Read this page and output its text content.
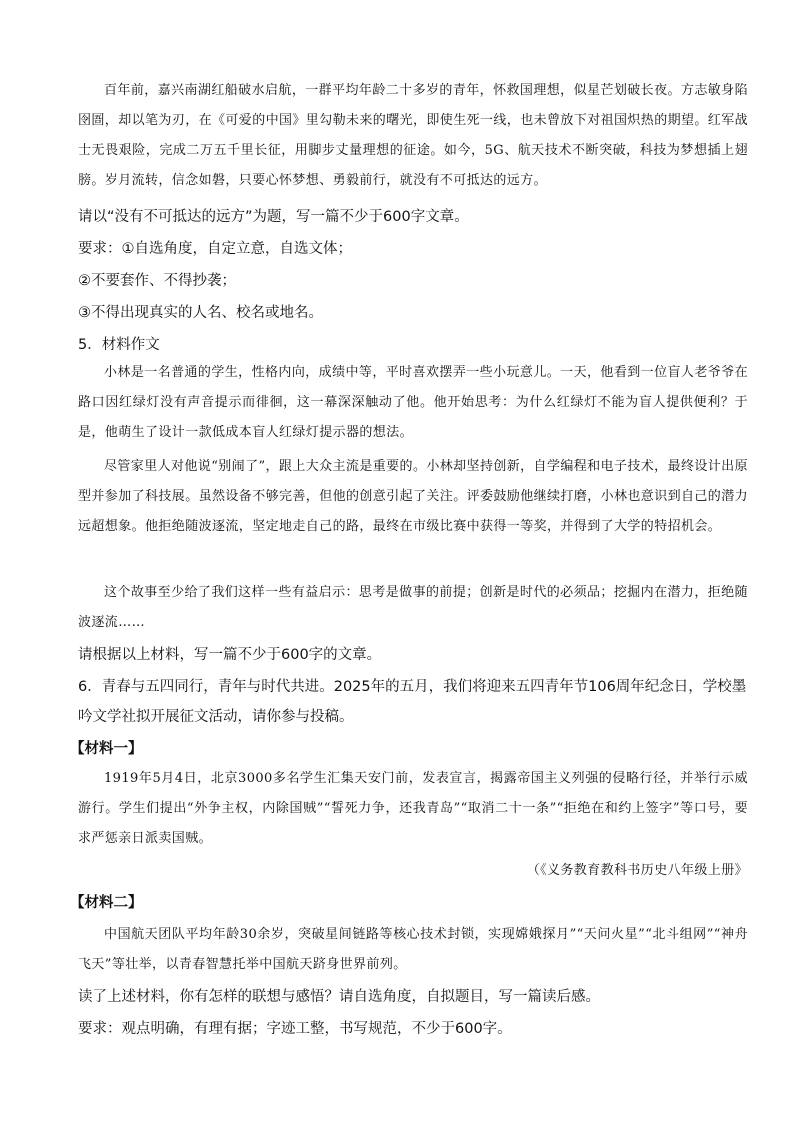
百年前，嘉兴南湖红船破水启航，一群平均年龄二十多岁的青年，怀救国理想，似星芒划破长夜。方志敏身陷囹圄，却以笔为刃，在《可爱的中国》里勾勒未来的曙光，即使生死一线，也未曾放下对祖国炽热的期望。红军战士无畏艰险，完成二万五千里长征，用脚步丈量理想的征途。如今，5G、航天技术不断突破，科技为梦想插上翅膀。岁月流转，信念如磐，只要心怀梦想、勇毅前行，就没有不可抵达的远方。

请以“没有不可抵达的远方”为题，写一篇不少于600字文章。

要求：①自选角度，自定立意，自选文体；

②不要套作、不得抄袭；

③不得出现真实的人名、校名或地名。

5．材料作文

小林是一名普通的学生，性格内向，成绩中等，平时喜欢摆弄一些小玩意儿。一天，他看到一位盲人老爷爷在路口因红绿灯没有声音提示而徘徊，这一幕深深触动了他。他开始思考：为什么红绿灯不能为盲人提供便利？于是，他萌生了设计一款低成本盲人红绿灯提示器的想法。

尽管家里人对他说“别闹了”，跟上大众主流是重要的。小林却坚持创新，自学编程和电子技术，最终设计出原型并参加了科技展。虽然设备不够完善，但他的创意引起了关注。评委鼓励他继续打磨，小林也意识到自己的潜力远超想象。他拒绝随波逐流，坚定地走自己的路，最终在市级比赛中获得一等奖，并得到了大学的特招机会。

这个故事至少给了我们这样一些有益启示：思考是做事的前提；创新是时代的必须品；挖掘内在潜力，拒绝随波逐流……

请根据以上材料，写一篇不少于600字的文章。

6．青春与五四同行，青年与时代共进。2025年的五月，我们将迎来五四青年节106周年纪念日，学校墨吟文学社拟开展征文活动，请你参与投稿。

【材料一】

1919年5月4日，北京3000多名学生汇集天安门前，发表宣言，揭露帝国主义列强的侵略行径，并举行示威游行。学生们提出“外争主权，内除国贼”“誓死力争，还我青岛”“取消二十一条”“拒绝在和约上签字”等口号，要求严惩亲日派卖国贼。

（《义务教育教科书历史八年级上册》

【材料二】

中国航天团队平均年龄30余岁，突破星间链路等核心技术封锁，实现嫦娥探月”“天问火星”“北斗组网”“神舟飞天”等壮举，以青春智慧托举中国航天跻身世界前列。

读了上述材料，你有怎样的联想与感悟？请自选角度，自拟题目，写一篇读后感。

要求：观点明确，有理有据；字迹工整，书写规范，不少于600字。
